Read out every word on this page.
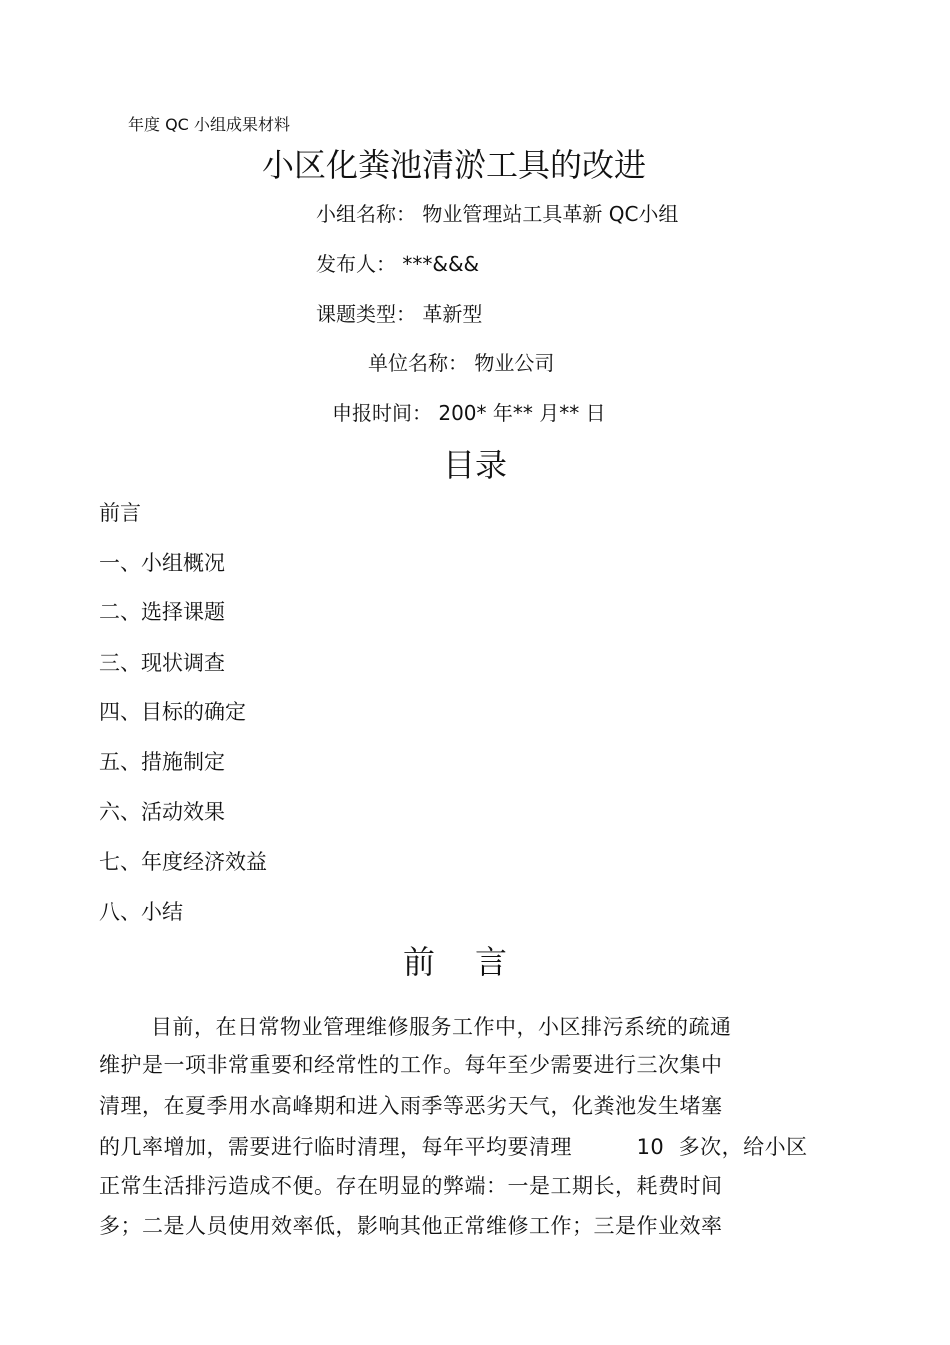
年度 QC 小组成果材料
小区化粪池清淤工具的改进
小组名称： 物业管理站工具革新 QC小组
发布人： ***&&&
课题类型： 革新型
单位名称： 物业公司
申报时间： 200* 年** 月** 日
目录
前言
一、小组概况
二、选择课题
三、现状调查
四、目标的确定
五、措施制定
六、活动效果
七、年度经济效益
八、小结
前言
目前，在日常物业管理维修服务工作中，小区排污系统的疏通
维护是一项非常重要和经常性的工作。每年至少需要进行三次集中
清理，在夏季用水高峰期和进入雨季等恶劣天气，化粪池发生堵塞
的几率增加，需要进行临时清理，每年平均要清理         10  多次，给小区
正常生活排污造成不便。存在明显的弊端：一是工期长，耗费时间
多；二是人员使用效率低，影响其他正常维修工作；三是作业效率
